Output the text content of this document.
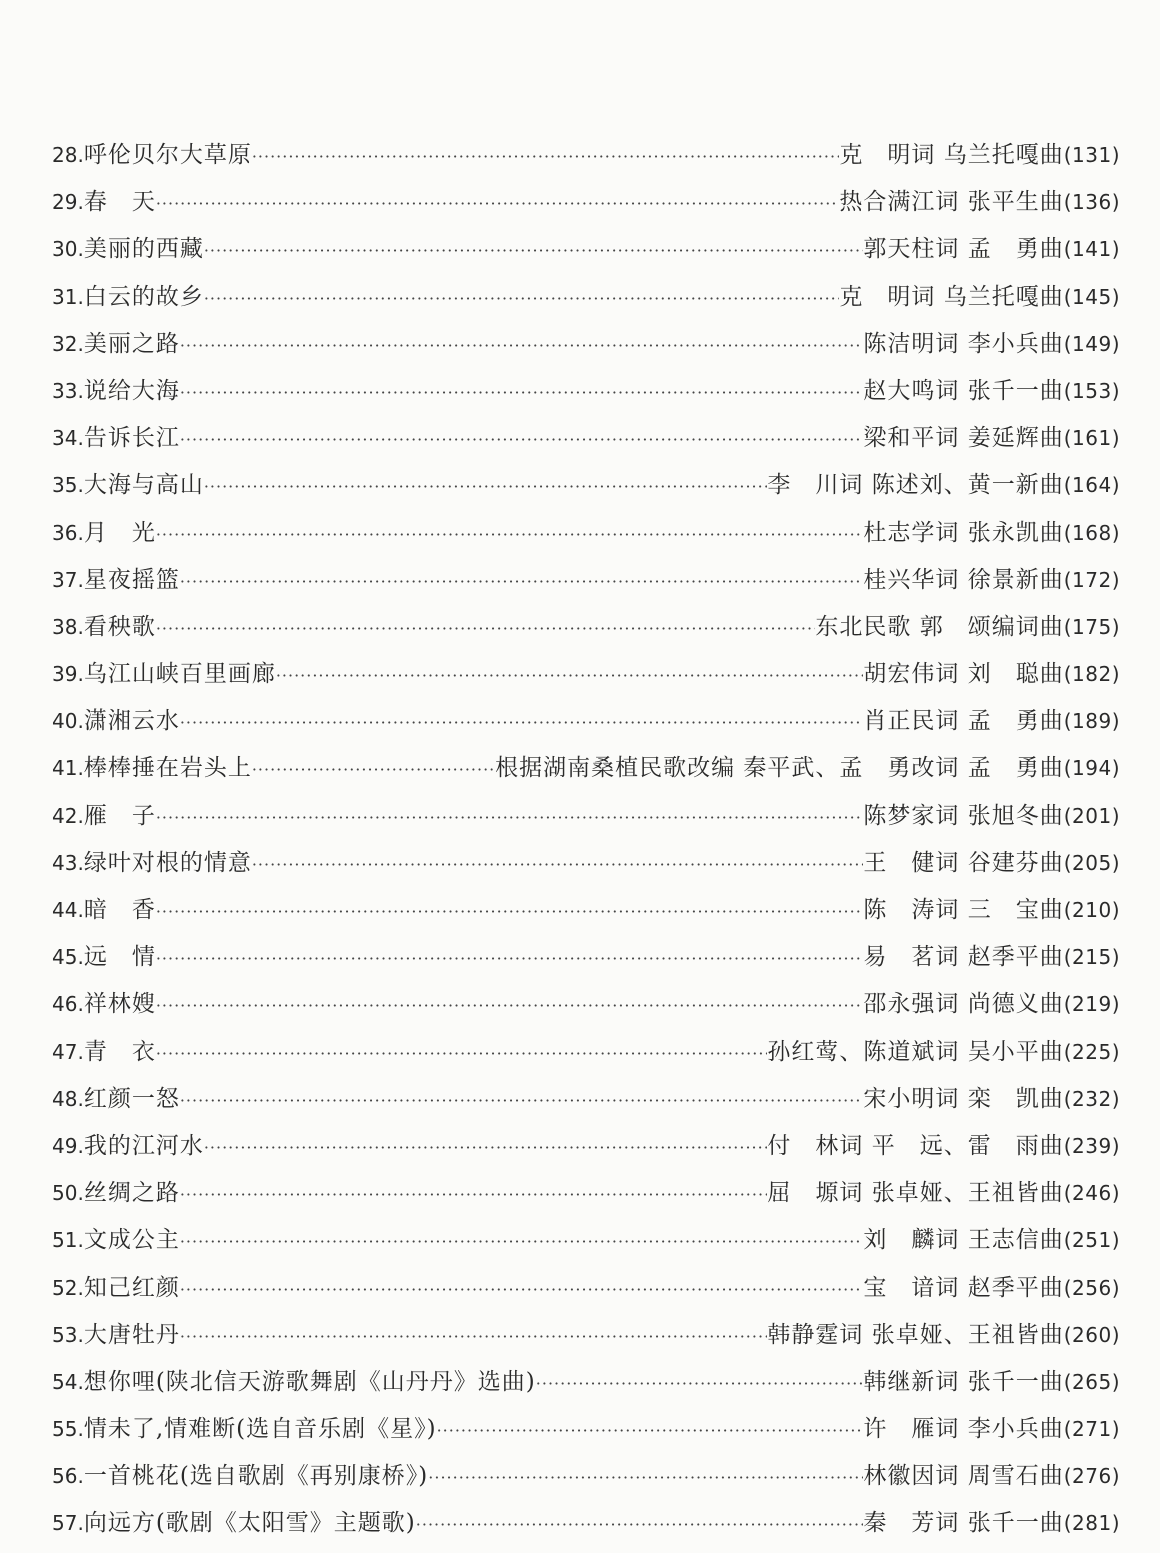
28. 呼伦贝尔大草原 ·····	克　明词 乌兰托嘎曲 (131)
29. 春　天 ·····	热合满江词 张平生曲 (136)
30. 美丽的西藏 ·····	郭天柱词 孟　勇曲 (141)
31. 白云的故乡 ·····	克　明词 乌兰托嘎曲 (145)
32. 美丽之路 ·····	陈洁明词 李小兵曲 (149)
33. 说给大海 ·····	赵大鸣词 张千一曲 (153)
34. 告诉长江 ·····	梁和平词 姜延辉曲 (161)
35. 大海与高山 ·····	李　川词 陈述刘、黄一新曲 (164)
36. 月　光 ·····	杜志学词 张永凯曲 (168)
37. 星夜摇篮 ·····	桂兴华词 徐景新曲 (172)
38. 看秧歌 ·····	东北民歌 郭　颂编词曲 (175)
39. 乌江山峡百里画廊 ·····	胡宏伟词 刘　聪曲 (182)
40. 潇湘云水 ·····	肖正民词 孟　勇曲 (189)
41. 棒棒捶在岩头上 ·····	根据湖南桑植民歌改编 秦平武、孟　勇改词 孟　勇曲 (194)
42. 雁　子 ·····	陈梦家词 张旭冬曲 (201)
43. 绿叶对根的情意 ·····	王　健词 谷建芬曲 (205)
44. 暗　香 ·····	陈　涛词 三　宝曲 (210)
45. 远　情 ·····	易　茗词 赵季平曲 (215)
46. 祥林嫂 ·····	邵永强词 尚德义曲 (219)
47. 青　衣 ·····	孙红莺、陈道斌词 吴小平曲 (225)
48. 红颜一怒 ·····	宋小明词 栾　凯曲 (232)
49. 我的江河水 ·····	付　林词 平　远、雷　雨曲 (239)
50. 丝绸之路 ·····	屈　塬词 张卓娅、王祖皆曲 (246)
51. 文成公主 ·····	刘　麟词 王志信曲 (251)
52. 知己红颜 ·····	宝　谙词 赵季平曲 (256)
53. 大唐牡丹 ·····	韩静霆词 张卓娅、王祖皆曲 (260)
54. 想你哩(陕北信天游歌舞剧《山丹丹》选曲) ·····	韩继新词 张千一曲 (265)
55. 情未了,情难断(选自音乐剧《星》) ·····	许　雁词 李小兵曲 (271)
56. 一首桃花(选自歌剧《再别康桥》) ·····	林徽因词 周雪石曲 (276)
57. 向远方(歌剧《太阳雪》主题歌) ·····	秦　芳词 张千一曲 (281)
